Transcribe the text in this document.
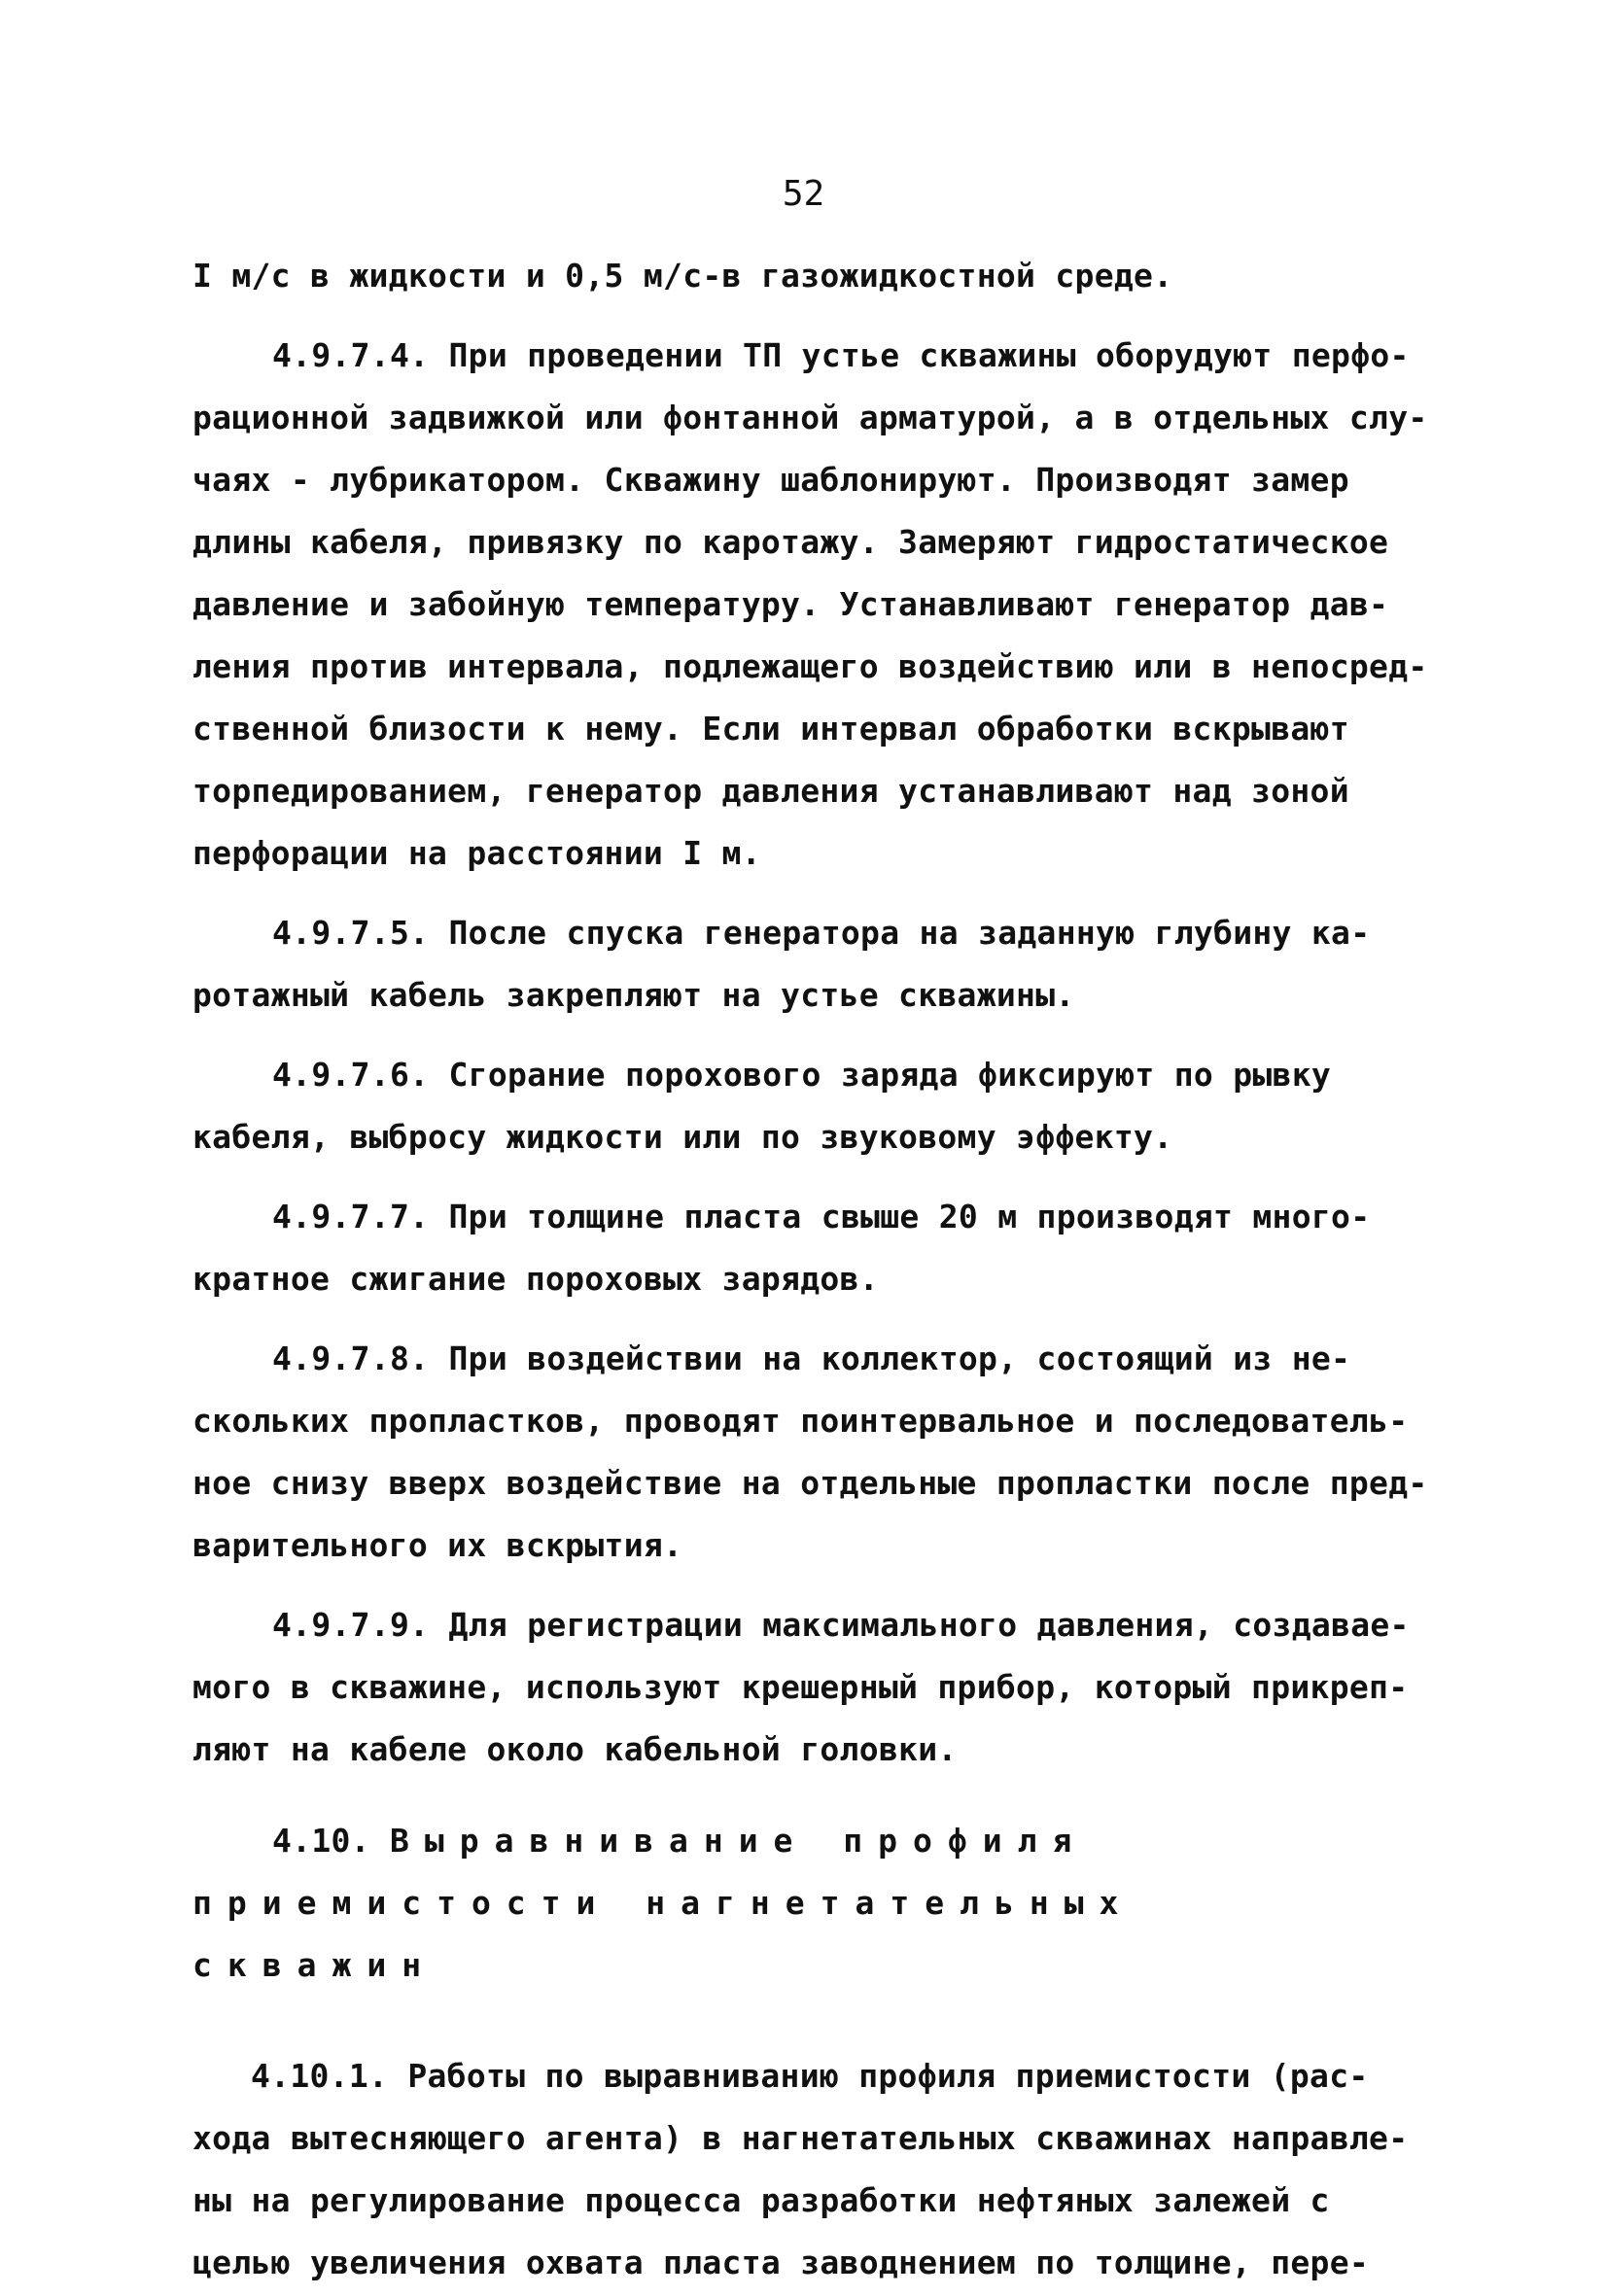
52

I м/с в жидкости и 0,5 м/с-в газожидкостной среде.

4.9.7.4. При проведении ТП устье скважины оборудуют перфо-

рационной задвижкой или фонтанной арматурой, а в отдельных слу-

чаях - лубрикатором. Скважину шаблонируют. Производят замер

длины кабеля, привязку по каротажу. Замеряют гидростатическое

давление и забойную температуру. Устанавливают генератор дав-

ления против интервала, подлежащего воздействию или в непосред-

ственной близости к нему. Если интервал обработки вскрывают

торпедированием, генератор давления устанавливают над зоной

перфорации на расстоянии I м.

4.9.7.5. После спуска генератора на заданную глубину ка-

ротажный кабель закрепляют на устье скважины.

4.9.7.6. Сгорание порохового заряда фиксируют по рывку

кабеля, выбросу жидкости или по звуковому эффекту.

4.9.7.7. При толщине пласта свыше 20 м производят много-

кратное сжигание пороховых зарядов.

4.9.7.8. При воздействии на коллектор, состоящий из не-

скольких пропластков, проводят поинтервальное и последователь-

ное снизу вверх воздействие на отдельные пропластки после пред-

варительного их вскрытия.

4.9.7.9. Для регистрации максимального давления, создавае-

мого в скважине, используют крешерный прибор, который прикреп-

ляют на кабеле около кабельной головки.

4.10. Выравнивание профиля

приемистости нагнетательных

скважин

4.10.1. Работы по выравниванию профиля приемистости (рас-

хода вытесняющего агента) в нагнетательных скважинах направле-

ны на регулирование процесса разработки нефтяных залежей с

целью увеличения охвата пласта заводнением по толщине, пере-
